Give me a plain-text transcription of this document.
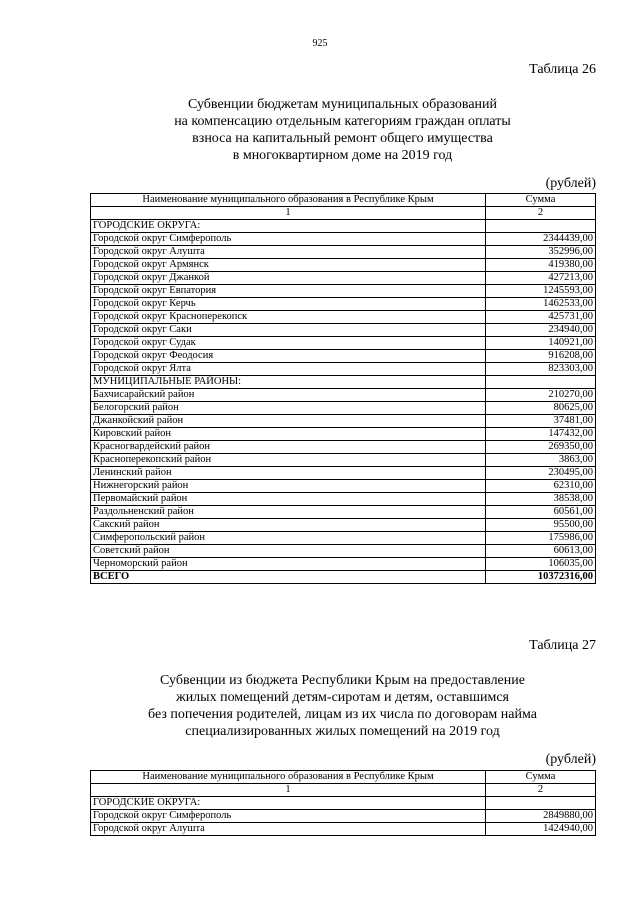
925
Таблица 26
Субвенции бюджетам муниципальных образований
на компенсацию отдельным категориям граждан оплаты
взноса на капитальный ремонт общего имущества
в многоквартирном доме на 2019 год
(рублей)
Наименование муниципального образования в Республике Крым	Сумма
1	2
ГОРОДСКИЕ ОКРУГА:	
Городской округ Симферополь	2344439,00
Городской округ Алушта	352996,00
Городской округ Армянск	419380,00
Городской округ Джанкой	427213,00
Городской округ Евпатория	1245593,00
Городской округ Керчь	1462533,00
Городской округ Красноперекопск	425731,00
Городской округ Саки	234940,00
Городской округ Судак	140921,00
Городской округ Феодосия	916208,00
Городской округ Ялта	823303,00
МУНИЦИПАЛЬНЫЕ РАЙОНЫ:	
Бахчисарайский район	210270,00
Белогорский район	80625,00
Джанкойский район	37481,00
Кировский район	147432,00
Красногвардейский район	269350,00
Красноперекопский район	3863,00
Ленинский район	230495,00
Нижнегорский район	62310,00
Первомайский район	38538,00
Раздольненский район	60561,00
Сакский район	95500,00
Симферопольский район	175986,00
Советский район	60613,00
Черноморский район	106035,00
ВСЕГО	10372316,00
Таблица 27
Субвенции из бюджета Республики Крым на предоставление
жилых помещений детям-сиротам и детям, оставшимся
без попечения родителей, лицам из их числа по договорам найма
специализированных жилых помещений на 2019 год
(рублей)
Наименование муниципального образования в Республике Крым	Сумма
1	2
ГОРОДСКИЕ ОКРУГА:	
Городской округ Симферополь	2849880,00
Городской округ Алушта	1424940,00
